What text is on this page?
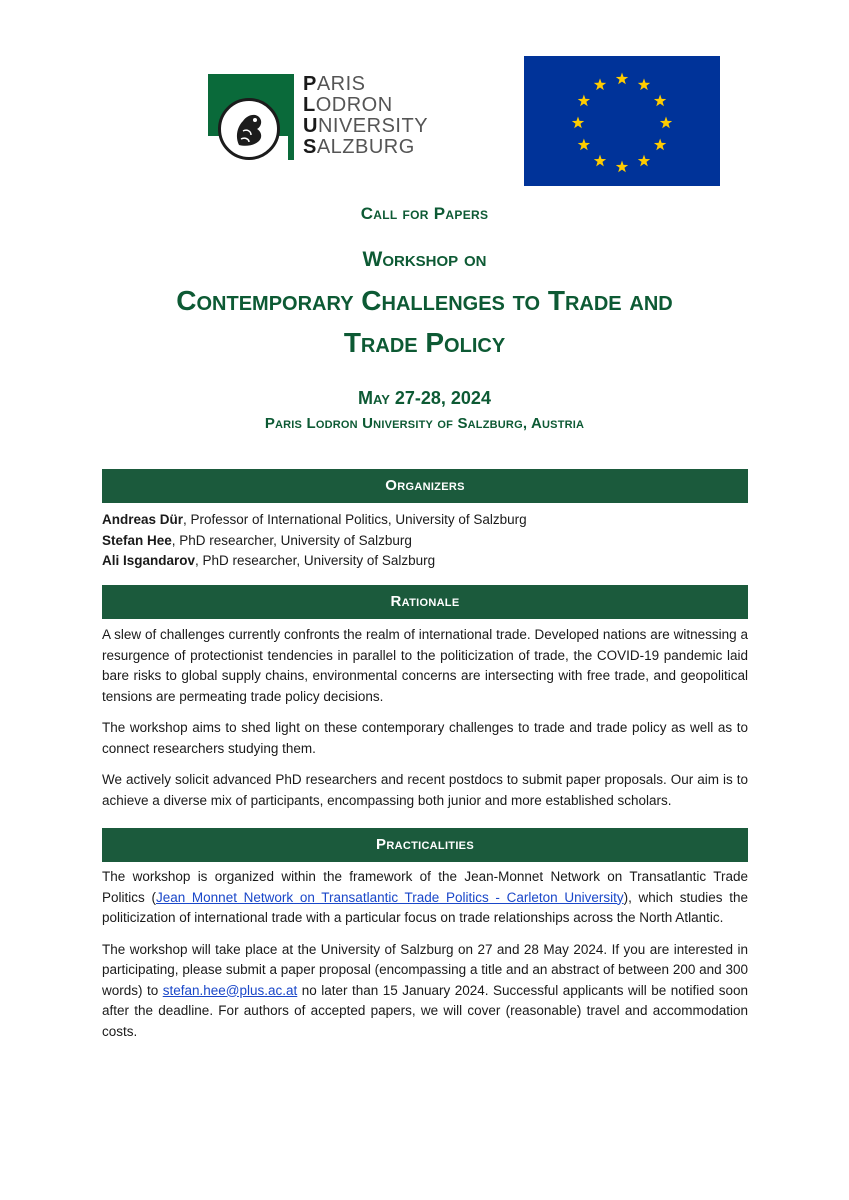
PARIS
LODRON
UNIVERSITY
SALZBURG
Call for Papers
Workshop on
Contemporary Challenges to Trade and
Trade Policy
May 27-28, 2024
Paris Lodron University of Salzburg, Austria
Organizers
Andreas Dür, Professor of International Politics, University of Salzburg
Stefan Hee, PhD researcher, University of Salzburg
Ali Isgandarov, PhD researcher, University of Salzburg
Rationale

A slew of challenges currently confronts the realm of international trade. Developed nations are witnessing a resurgence of protectionist tendencies in parallel to the politicization of trade, the COVID-19 pandemic laid bare risks to global supply chains, environmental concerns are intersecting with free trade, and geopolitical tensions are permeating trade policy decisions.

The workshop aims to shed light on these contemporary challenges to trade and trade policy as well as to connect researchers studying them.

We actively solicit advanced PhD researchers and recent postdocs to submit paper proposals. Our aim is to achieve a diverse mix of participants, encompassing both junior and more established scholars.

Practicalities

The workshop is organized within the framework of the Jean-Monnet Network on Transatlantic Trade Politics (Jean Monnet Network on Transatlantic Trade Politics - Carleton University), which studies the politicization of international trade with a particular focus on trade relationships across the North Atlantic.

The workshop will take place at the University of Salzburg on 27 and 28 May 2024. If you are interested in participating, please submit a paper proposal (encompassing a title and an abstract of between 200 and 300 words) to stefan.hee@plus.ac.at no later than 15 January 2024. Successful applicants will be notified soon after the deadline. For authors of accepted papers, we will cover (reasonable) travel and accommodation costs.
